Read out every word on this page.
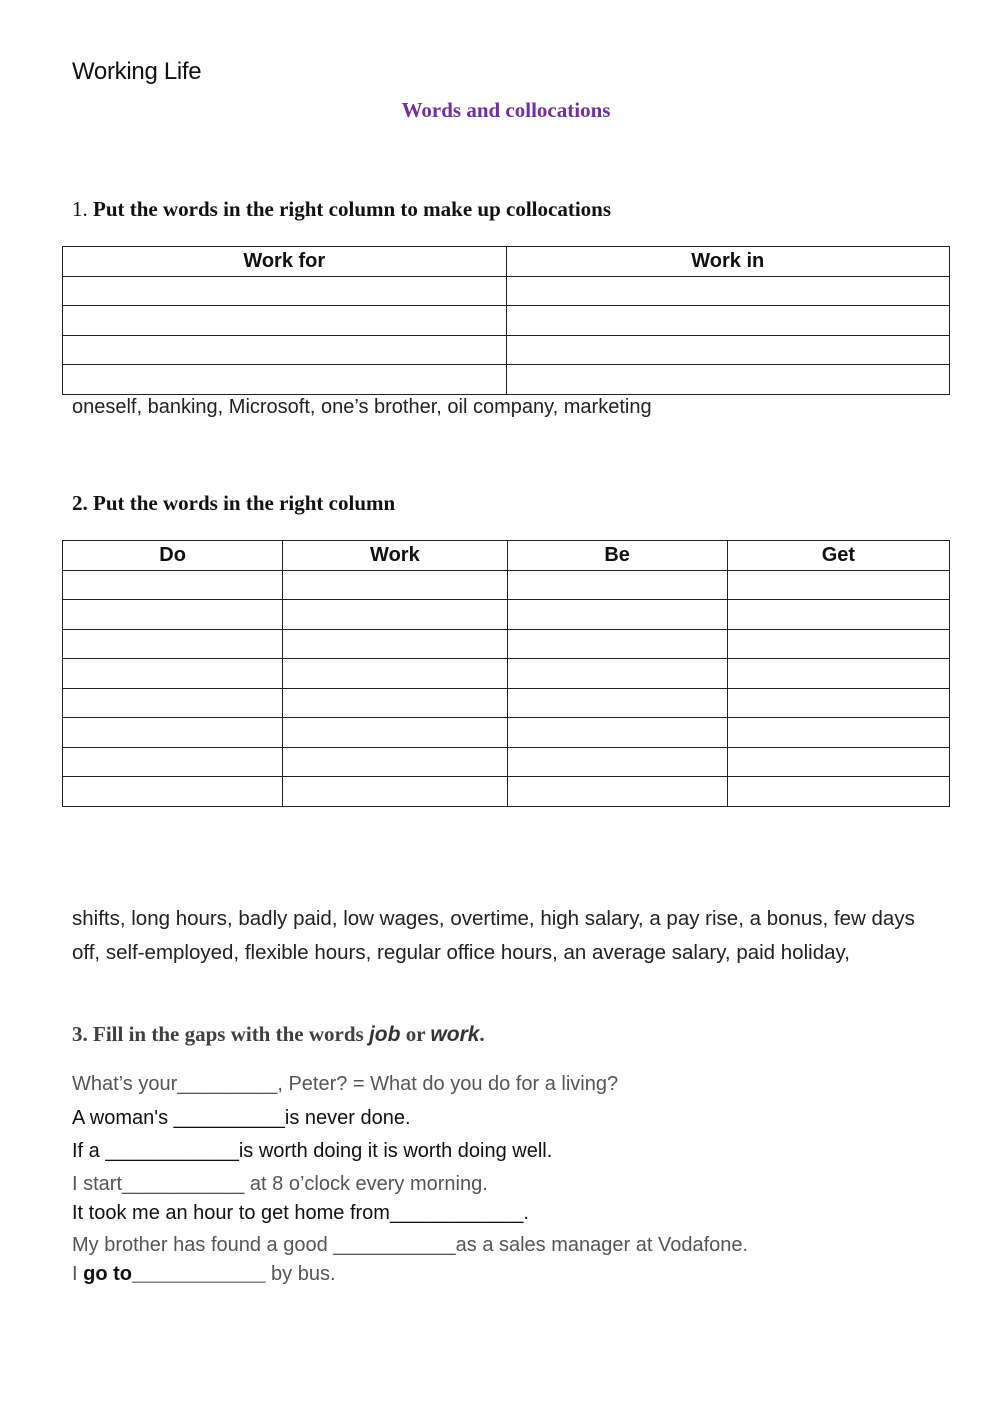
Working Life
Words and collocations
1. Put the words in the right column to make up collocations
Work for	Work in

oneself, banking, Microsoft, one’s brother, oil company, marketing
2. Put the words in the right column
Do	Work	Be	Get

shifts, long hours, badly paid, low wages, overtime, high salary, a pay rise, a bonus, few days off, self-employed, flexible hours, regular office hours, an average salary, paid holiday,
3. Fill in the gaps with the words job or work.
What’s your_________, Peter? = What do you do for a living?
A woman's __________is never done.
If a ____________is worth doing it is worth doing well.
I start___________ at 8 o’clock every morning.
It took me an hour to get home from____________.
My brother has found a good ___________as a sales manager at Vodafone.
I go to____________ by bus.
